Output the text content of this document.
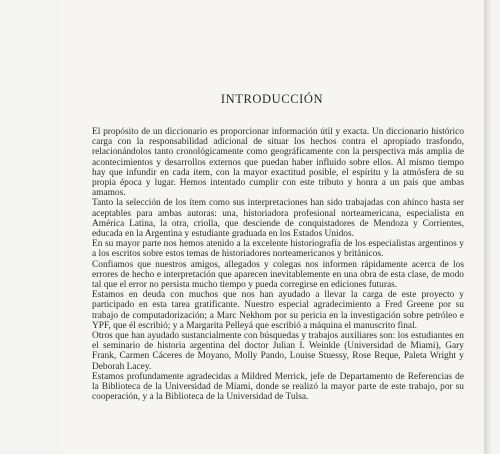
INTRODUCCIÓN

El propósito de un diccionario es proporcionar información útil y exacta. Un diccionario histórico carga con la responsabilidad adicional de situar los hechos contra el apropiado trasfondo, relacionándolos tanto cronológicamente como geográficamente con la perspectiva más amplia de acontecimientos y desarrollos externos que puedan haber influido sobre ellos. Al mismo tiempo hay que infundir en cada ítem, con la mayor exactitud posible, el espíritu y la atmósfera de su propia época y lugar. Hemos intentado cumplir con este tributo y honra a un país que ambas amamos.

Tanto la selección de los ítem como sus interpretaciones han sido trabajadas con ahínco hasta ser aceptables para ambas autoras: una, historiadora profesional norteamericana, especialista en América Latina, la otra, criolla, que desciende de conquistadores de Mendoza y Corrientes, educada en la Argentina y estudiante graduada en los Estados Unidos.

En su mayor parte nos hemos atenido a la excelente historiografía de los especialistas argentinos y a los escritos sobre estos temas de historiadores norteamericanos y británicos.

Confiamos que nuestros amigos, allegados y colegas nos informen rápidamente acerca de los errores de hecho e interpretación que aparecen inevitablemente en una obra de esta clase, de modo tal que el error no persista mucho tiempo y pueda corregirse en ediciones futuras.

Estamos en deuda con muchos que nos han ayudado a llevar la carga de este proyecto y participado en esta tarea gratificante. Nuestro especial agradecimiento a Fred Greene por su trabajo de computadorización; a Marc Nekhom por su pericia en la investigación sobre petróleo e YPF, que él escribió; y a Margarita Pelleyá que escribió a máquina el manuscrito final.

Otros que han ayudado sustancialmente con búsquedas y trabajos auxiliares son: los estudiantes en el seminario de historia argentina del doctor Julian I. Weinkle (Universidad de Miami), Gary Frank, Carmen Cáceres de Moyano, Molly Pando, Louise Stuessy, Rose Reque, Paleta Wright y Deborah Lacey.

Estamos profundamente agradecidas a Mildred Merrick, jefe de Departamento de Referencias de la Biblioteca de la Universidad de Miami, donde se realizó la mayor parte de este trabajo, por su cooperación, y a la Biblioteca de la Universidad de Tulsa.
